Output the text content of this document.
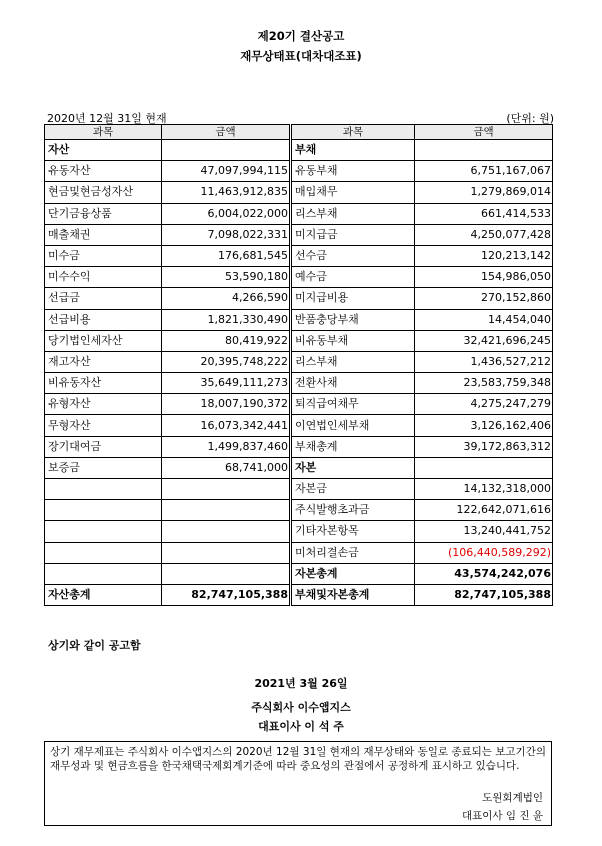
제20기 결산공고
재무상태표(대차대조표)
2020년 12월 31일 현재	(단위: 원)
과목	금액	과목	금액
자산		부채	
유동자산	47,097,994,115	유동부채	6,751,167,067
현금및현금성자산	11,463,912,835	매입채무	1,279,869,014
단기금융상품	6,004,022,000	리스부채	661,414,533
매출채권	7,098,022,331	미지급금	4,250,077,428
미수금	176,681,545	선수금	120,213,142
미수수익	53,590,180	예수금	154,986,050
선급금	4,266,590	미지급비용	270,152,860
선급비용	1,821,330,490	반품충당부채	14,454,040
당기법인세자산	80,419,922	비유동부채	32,421,696,245
재고자산	20,395,748,222	리스부채	1,436,527,212
비유동자산	35,649,111,273	전환사채	23,583,759,348
유형자산	18,007,190,372	퇴직급여채무	4,275,247,279
무형자산	16,073,342,441	이연법인세부채	3,126,162,406
장기대여금	1,499,837,460	부채총계	39,172,863,312
보증금	68,741,000	자본	
		자본금	14,132,318,000
		주식발행초과금	122,642,071,616
		기타자본항목	13,240,441,752
		미처리결손금	(106,440,589,292)
		자본총계	43,574,242,076
자산총계	82,747,105,388	부채및자본총계	82,747,105,388
상기와 같이 공고함
2021년 3월 26일
주식회사 이수앱지스
대표이사 이 석 주

상기 재무제표는 주식회사 이수앱지스의 2020년 12월 31일 현재의 재무상태와 동일로 종료되는 보고기간의 재무성과 및 현금흐름을 한국채택국제회계기준에 따라 중요성의 관점에서 공정하게 표시하고 있습니다.

도원회계법인
대표이사 임 진 윤
